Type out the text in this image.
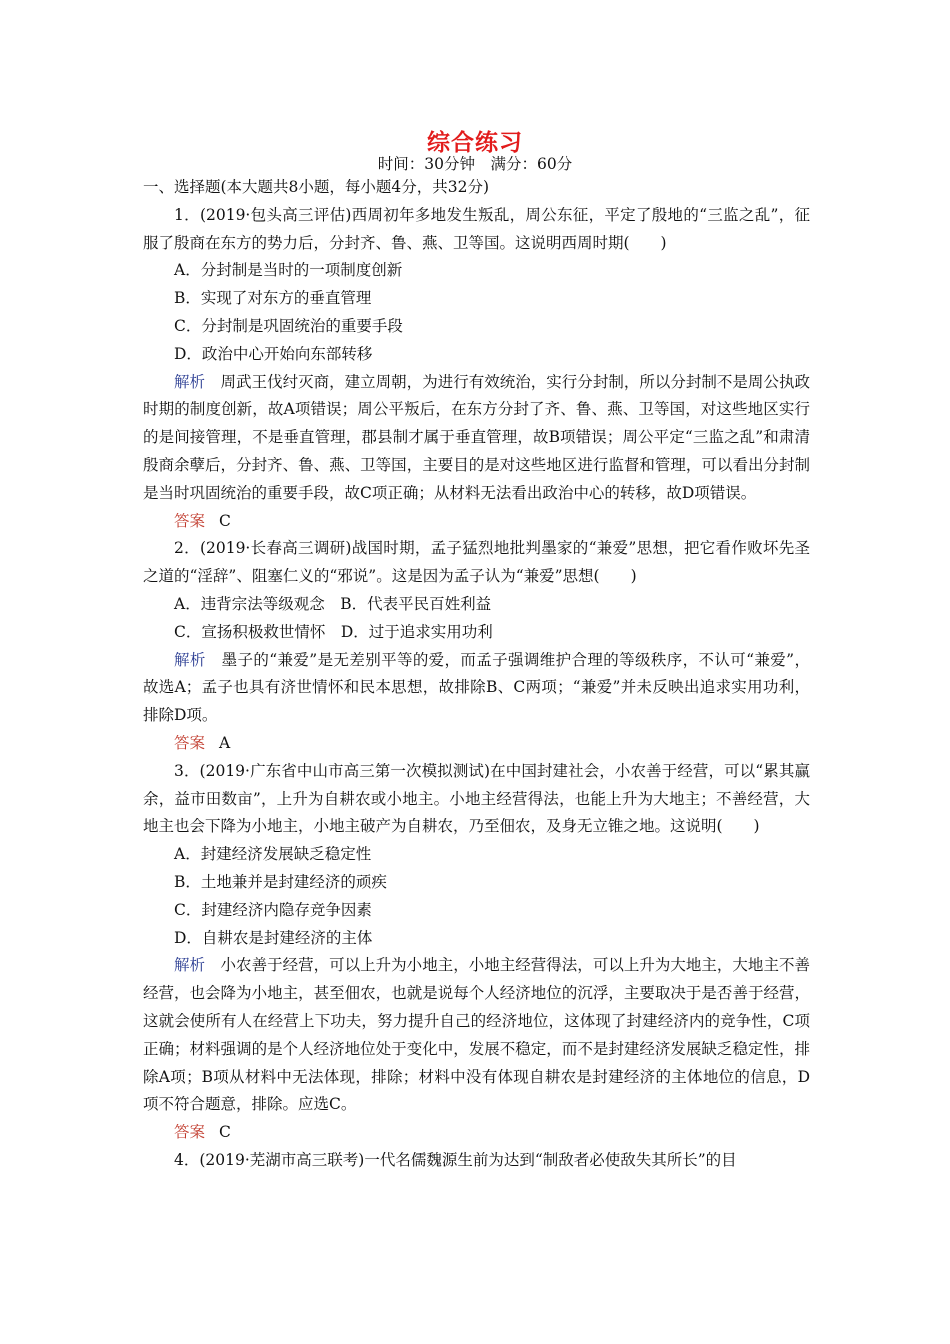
综合练习
时间：30分钟　满分：60分

一、选择题(本大题共8小题，每小题4分，共32分)

1．(2019·包头高三评估)西周初年多地发生叛乱，周公东征，平定了殷地的“三监之乱”，征服了殷商在东方的势力后，分封齐、鲁、燕、卫等国。这说明西周时期(　　)

A．分封制是当时的一项制度创新

B．实现了对东方的垂直管理

C．分封制是巩固统治的重要手段

D．政治中心开始向东部转移

解析　 周武王伐纣灭商，建立周朝，为进行有效统治，实行分封制，所以分封制不是周公执政时期的制度创新，故A项错误；周公平叛后，在东方分封了齐、鲁、燕、卫等国，对这些地区实行的是间接管理，不是垂直管理，郡县制才属于垂直管理，故B项错误；周公平定“三监之乱”和肃清殷商余孽后，分封齐、鲁、燕、卫等国，主要目的是对这些地区进行监督和管理，可以看出分封制是当时巩固统治的重要手段，故C项正确；从材料无法看出政治中心的转移，故D项错误。

答案 C

2．(2019·长春高三调研)战国时期，孟子猛烈地批判墨家的“兼爱”思想，把它看作败坏先圣之道的“淫辞”、阻塞仁义的“邪说”。这是因为孟子认为“兼爱”思想(　　)

A．违背宗法等级观念　B．代表平民百姓利益

C．宣扬积极救世情怀　D．过于追求实用功利

解析　 墨子的“兼爱”是无差别平等的爱，而孟子强调维护合理的等级秩序，不认可“兼爱”，故选A；孟子也具有济世情怀和民本思想，故排除B、C两项；“兼爱”并未反映出追求实用功利，排除D项。

答案 A

3．(2019·广东省中山市高三第一次模拟测试)在中国封建社会，小农善于经营，可以“累其赢余，益市田数亩”，上升为自耕农或小地主。小地主经营得法，也能上升为大地主；不善经营，大地主也会下降为小地主，小地主破产为自耕农，乃至佃农，及身无立锥之地。这说明(　　)

A．封建经济发展缺乏稳定性

B．土地兼并是封建经济的顽疾

C．封建经济内隐存竞争因素

D．自耕农是封建经济的主体

解析　 小农善于经营，可以上升为小地主，小地主经营得法，可以上升为大地主，大地主不善经营，也会降为小地主，甚至佃农，也就是说每个人经济地位的沉浮，主要取决于是否善于经营，这就会使所有人在经营上下功夫，努力提升自己的经济地位，这体现了封建经济内的竞争性，C项正确；材料强调的是个人经济地位处于变化中，发展不稳定，而不是封建经济发展缺乏稳定性，排除A项；B项从材料中无法体现，排除；材料中没有体现自耕农是封建经济的主体地位的信息，D项不符合题意，排除。应选C。

答案 C

4．(2019·芜湖市高三联考)一代名儒魏源生前为达到“制敌者必使敌失其所长”的目
